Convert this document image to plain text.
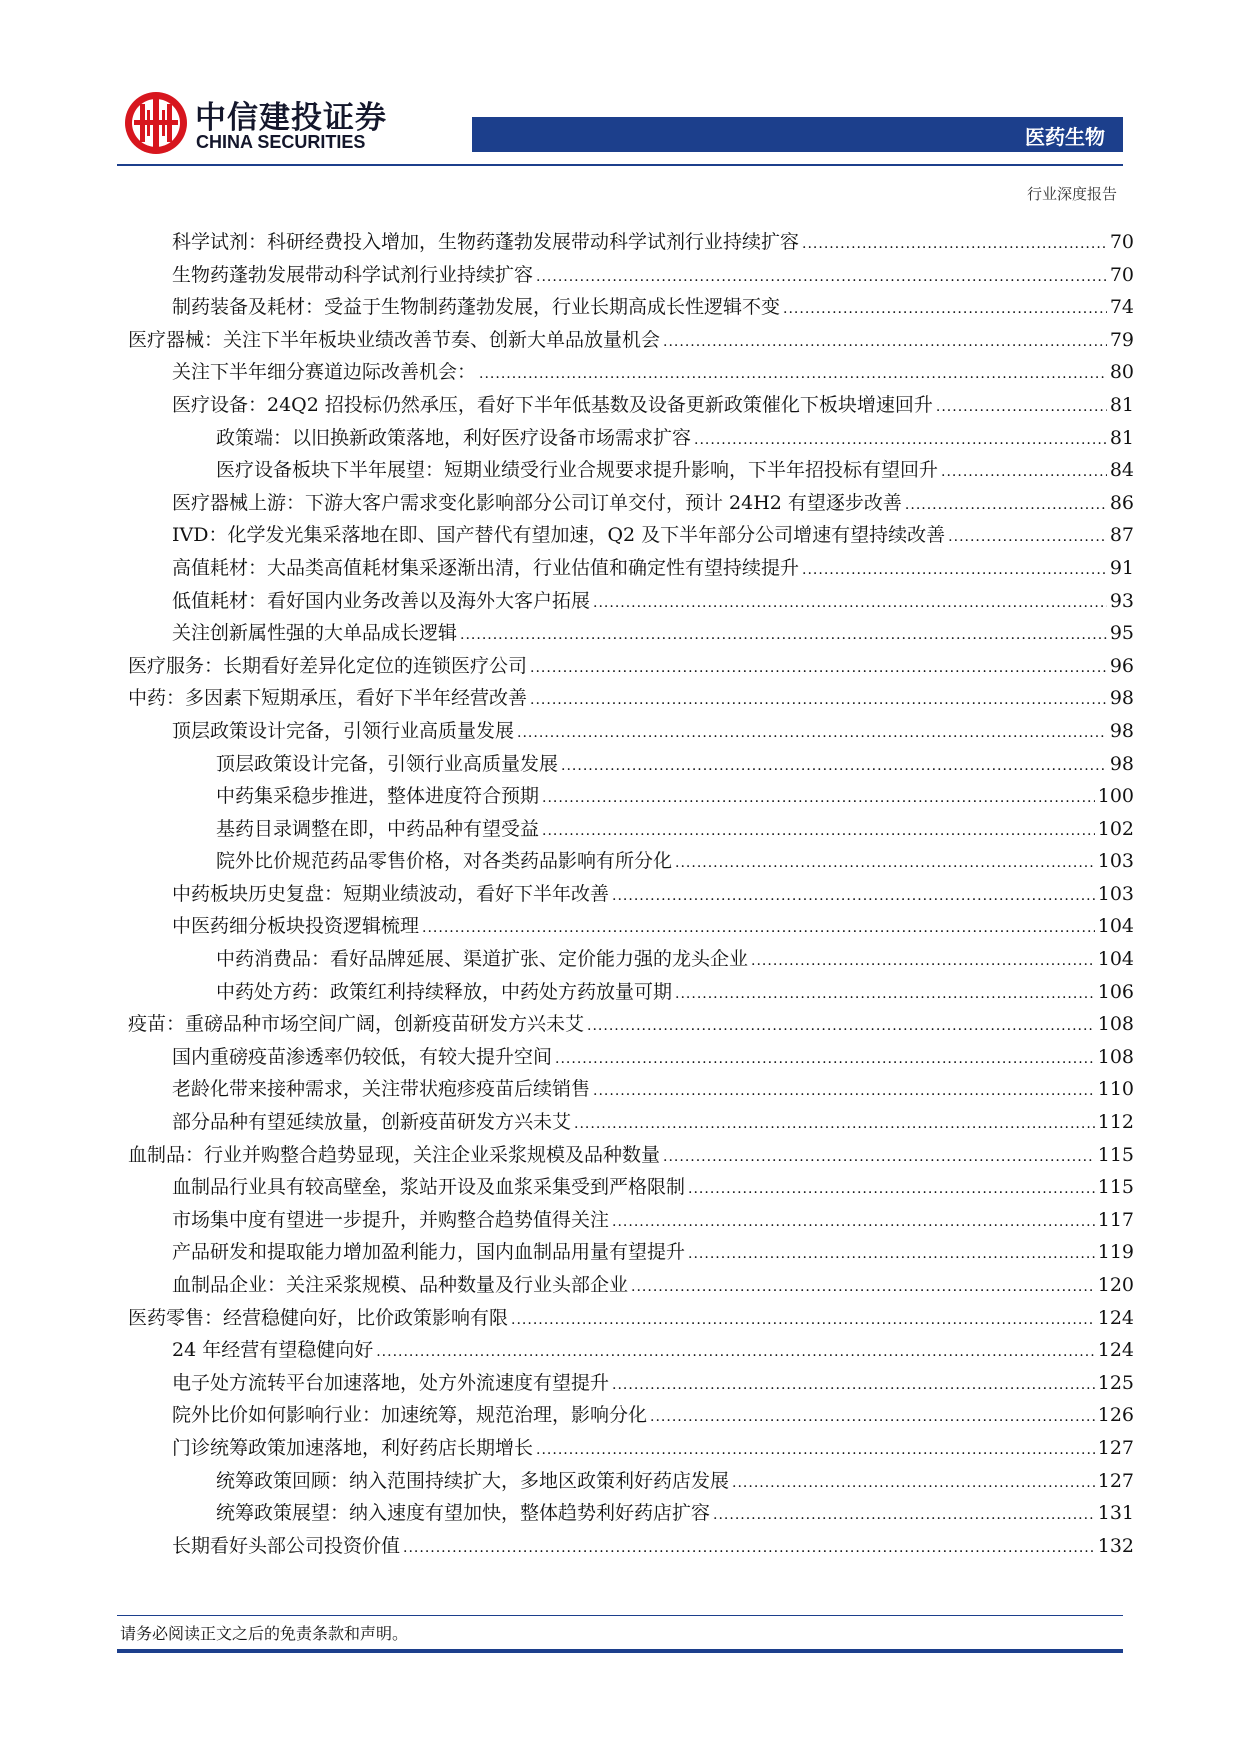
中信建投证券
CHINA SECURITIES	医药生物
行业深度报告
科学试剂：科研经费投入增加，生物药蓬勃发展带动科学试剂行业持续扩容 .....	70
生物药蓬勃发展带动科学试剂行业持续扩容 .....	70
制药装备及耗材：受益于生物制药蓬勃发展，行业长期高成长性逻辑不变 .....	74
医疗器械：关注下半年板块业绩改善节奏、创新大单品放量机会 .....	79
关注下半年细分赛道边际改善机会： .....	80
医疗设备：24Q2 招投标仍然承压，看好下半年低基数及设备更新政策催化下板块增速回升 .....	81
政策端：以旧换新政策落地，利好医疗设备市场需求扩容 .....	81
医疗设备板块下半年展望：短期业绩受行业合规要求提升影响，下半年招投标有望回升 .....	84
医疗器械上游：下游大客户需求变化影响部分公司订单交付，预计 24H2 有望逐步改善 .....	86
IVD：化学发光集采落地在即、国产替代有望加速，Q2 及下半年部分公司增速有望持续改善 .....	87
高值耗材：大品类高值耗材集采逐渐出清，行业估值和确定性有望持续提升 .....	91
低值耗材：看好国内业务改善以及海外大客户拓展 .....	93
关注创新属性强的大单品成长逻辑 .....	95
医疗服务：长期看好差异化定位的连锁医疗公司 .....	96
中药：多因素下短期承压，看好下半年经营改善 .....	98
顶层政策设计完备，引领行业高质量发展 .....	98
顶层政策设计完备，引领行业高质量发展 .....	98
中药集采稳步推进，整体进度符合预期 .....	100
基药目录调整在即，中药品种有望受益 .....	102
院外比价规范药品零售价格，对各类药品影响有所分化 .....	103
中药板块历史复盘：短期业绩波动，看好下半年改善 .....	103
中医药细分板块投资逻辑梳理 .....	104
中药消费品：看好品牌延展、渠道扩张、定价能力强的龙头企业 .....	104
中药处方药：政策红利持续释放，中药处方药放量可期 .....	106
疫苗：重磅品种市场空间广阔，创新疫苗研发方兴未艾 .....	108
国内重磅疫苗渗透率仍较低，有较大提升空间 .....	108
老龄化带来接种需求，关注带状疱疹疫苗后续销售 .....	110
部分品种有望延续放量，创新疫苗研发方兴未艾 .....	112
血制品：行业并购整合趋势显现，关注企业采浆规模及品种数量 .....	115
血制品行业具有较高壁垒，浆站开设及血浆采集受到严格限制 .....	115
市场集中度有望进一步提升，并购整合趋势值得关注 .....	117
产品研发和提取能力增加盈利能力，国内血制品用量有望提升 .....	119
血制品企业：关注采浆规模、品种数量及行业头部企业 .....	120
医药零售：经营稳健向好，比价政策影响有限 .....	124
24 年经营有望稳健向好 .....	124
电子处方流转平台加速落地，处方外流速度有望提升 .....	125
院外比价如何影响行业：加速统筹，规范治理，影响分化 .....	126
门诊统筹政策加速落地，利好药店长期增长 .....	127
统筹政策回顾：纳入范围持续扩大，多地区政策利好药店发展 .....	127
统筹政策展望：纳入速度有望加快，整体趋势利好药店扩容 .....	131
长期看好头部公司投资价值 .....	132
请务必阅读正文之后的免责条款和声明。
